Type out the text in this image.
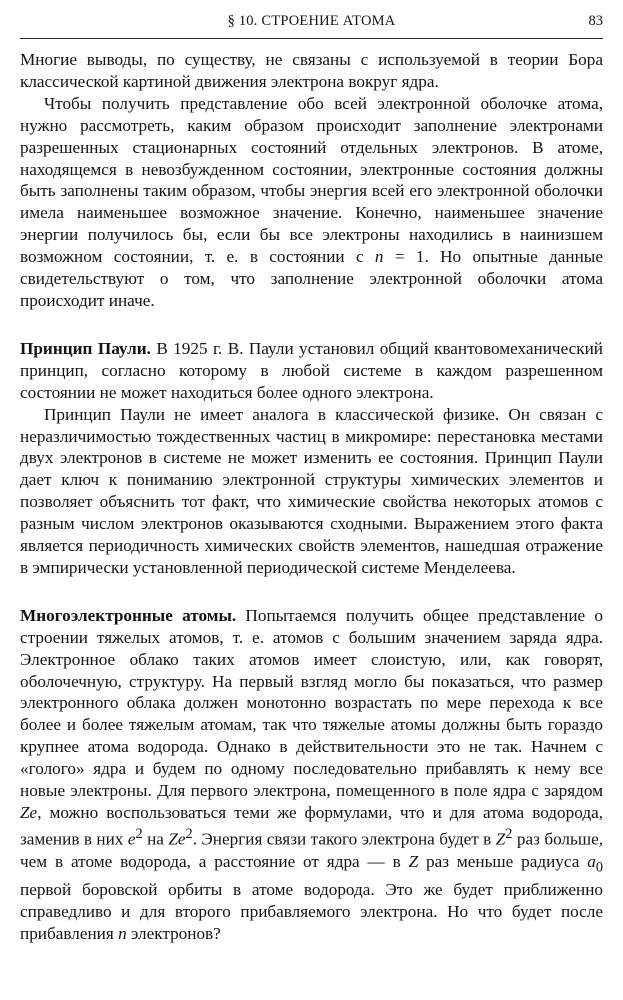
§ 10. СТРОЕНИЕ АТОМА	83

Многие выводы, по существу, не связаны с используемой в теории Бора классической картиной движения электрона вокруг ядра.

Чтобы получить представление обо всей электронной оболочке атома, нужно рассмотреть, каким образом происходит заполнение электронами разрешенных стационарных состояний отдельных электронов. В атоме, находящемся в невозбужденном состоянии, электронные состояния должны быть заполнены таким образом, чтобы энергия всей его электронной оболочки имела наименьшее возможное значение. Конечно, наименьшее значение энергии получилось бы, если бы все электроны находились в наинизшем возможном состоянии, т. е. в состоянии с n = 1. Но опытные данные свидетельствуют о том, что заполнение электронной оболочки атома происходит иначе.

Принцип Паули. В 1925 г. В. Паули установил общий квантовомеханический принцип, согласно которому в любой системе в каждом разрешенном состоянии не может находиться более одного электрона.

Принцип Паули не имеет аналога в классической физике. Он связан с неразличимостью тождественных частиц в микромире: перестановка местами двух электронов в системе не может изменить ее состояния. Принцип Паули дает ключ к пониманию электронной структуры химических элементов и позволяет объяснить тот факт, что химические свойства некоторых атомов с разным числом электронов оказываются сходными. Выражением этого факта является периодичность химических свойств элементов, нашедшая отражение в эмпирически установленной периодической системе Менделеева.

Многоэлектронные атомы. Попытаемся получить общее представление о строении тяжелых атомов, т. е. атомов с большим значением заряда ядра. Электронное облако таких атомов имеет слоистую, или, как говорят, оболочечную, структуру. На первый взгляд могло бы показаться, что размер электронного облака должен монотонно возрастать по мере перехода к все более и более тяжелым атомам, так что тяжелые атомы должны быть гораздо крупнее атома водорода. Однако в действительности это не так. Начнем с «голого» ядра и будем по одному последовательно прибавлять к нему все новые электроны. Для первого электрона, помещенного в поле ядра с зарядом Ze, можно воспользоваться теми же формулами, что и для атома водорода, заменив в них $e^2$ на Ze$^2$. Энергия связи такого электрона будет в $Z^2$ раз больше, чем в атоме водорода, а расстояние от ядра — в Z раз меньше радиуса $a_0$ первой боровской орбиты в атоме водорода. Это же будет приближенно справедливо и для второго прибавляемого электрона. Но что будет после прибавления n электронов?
